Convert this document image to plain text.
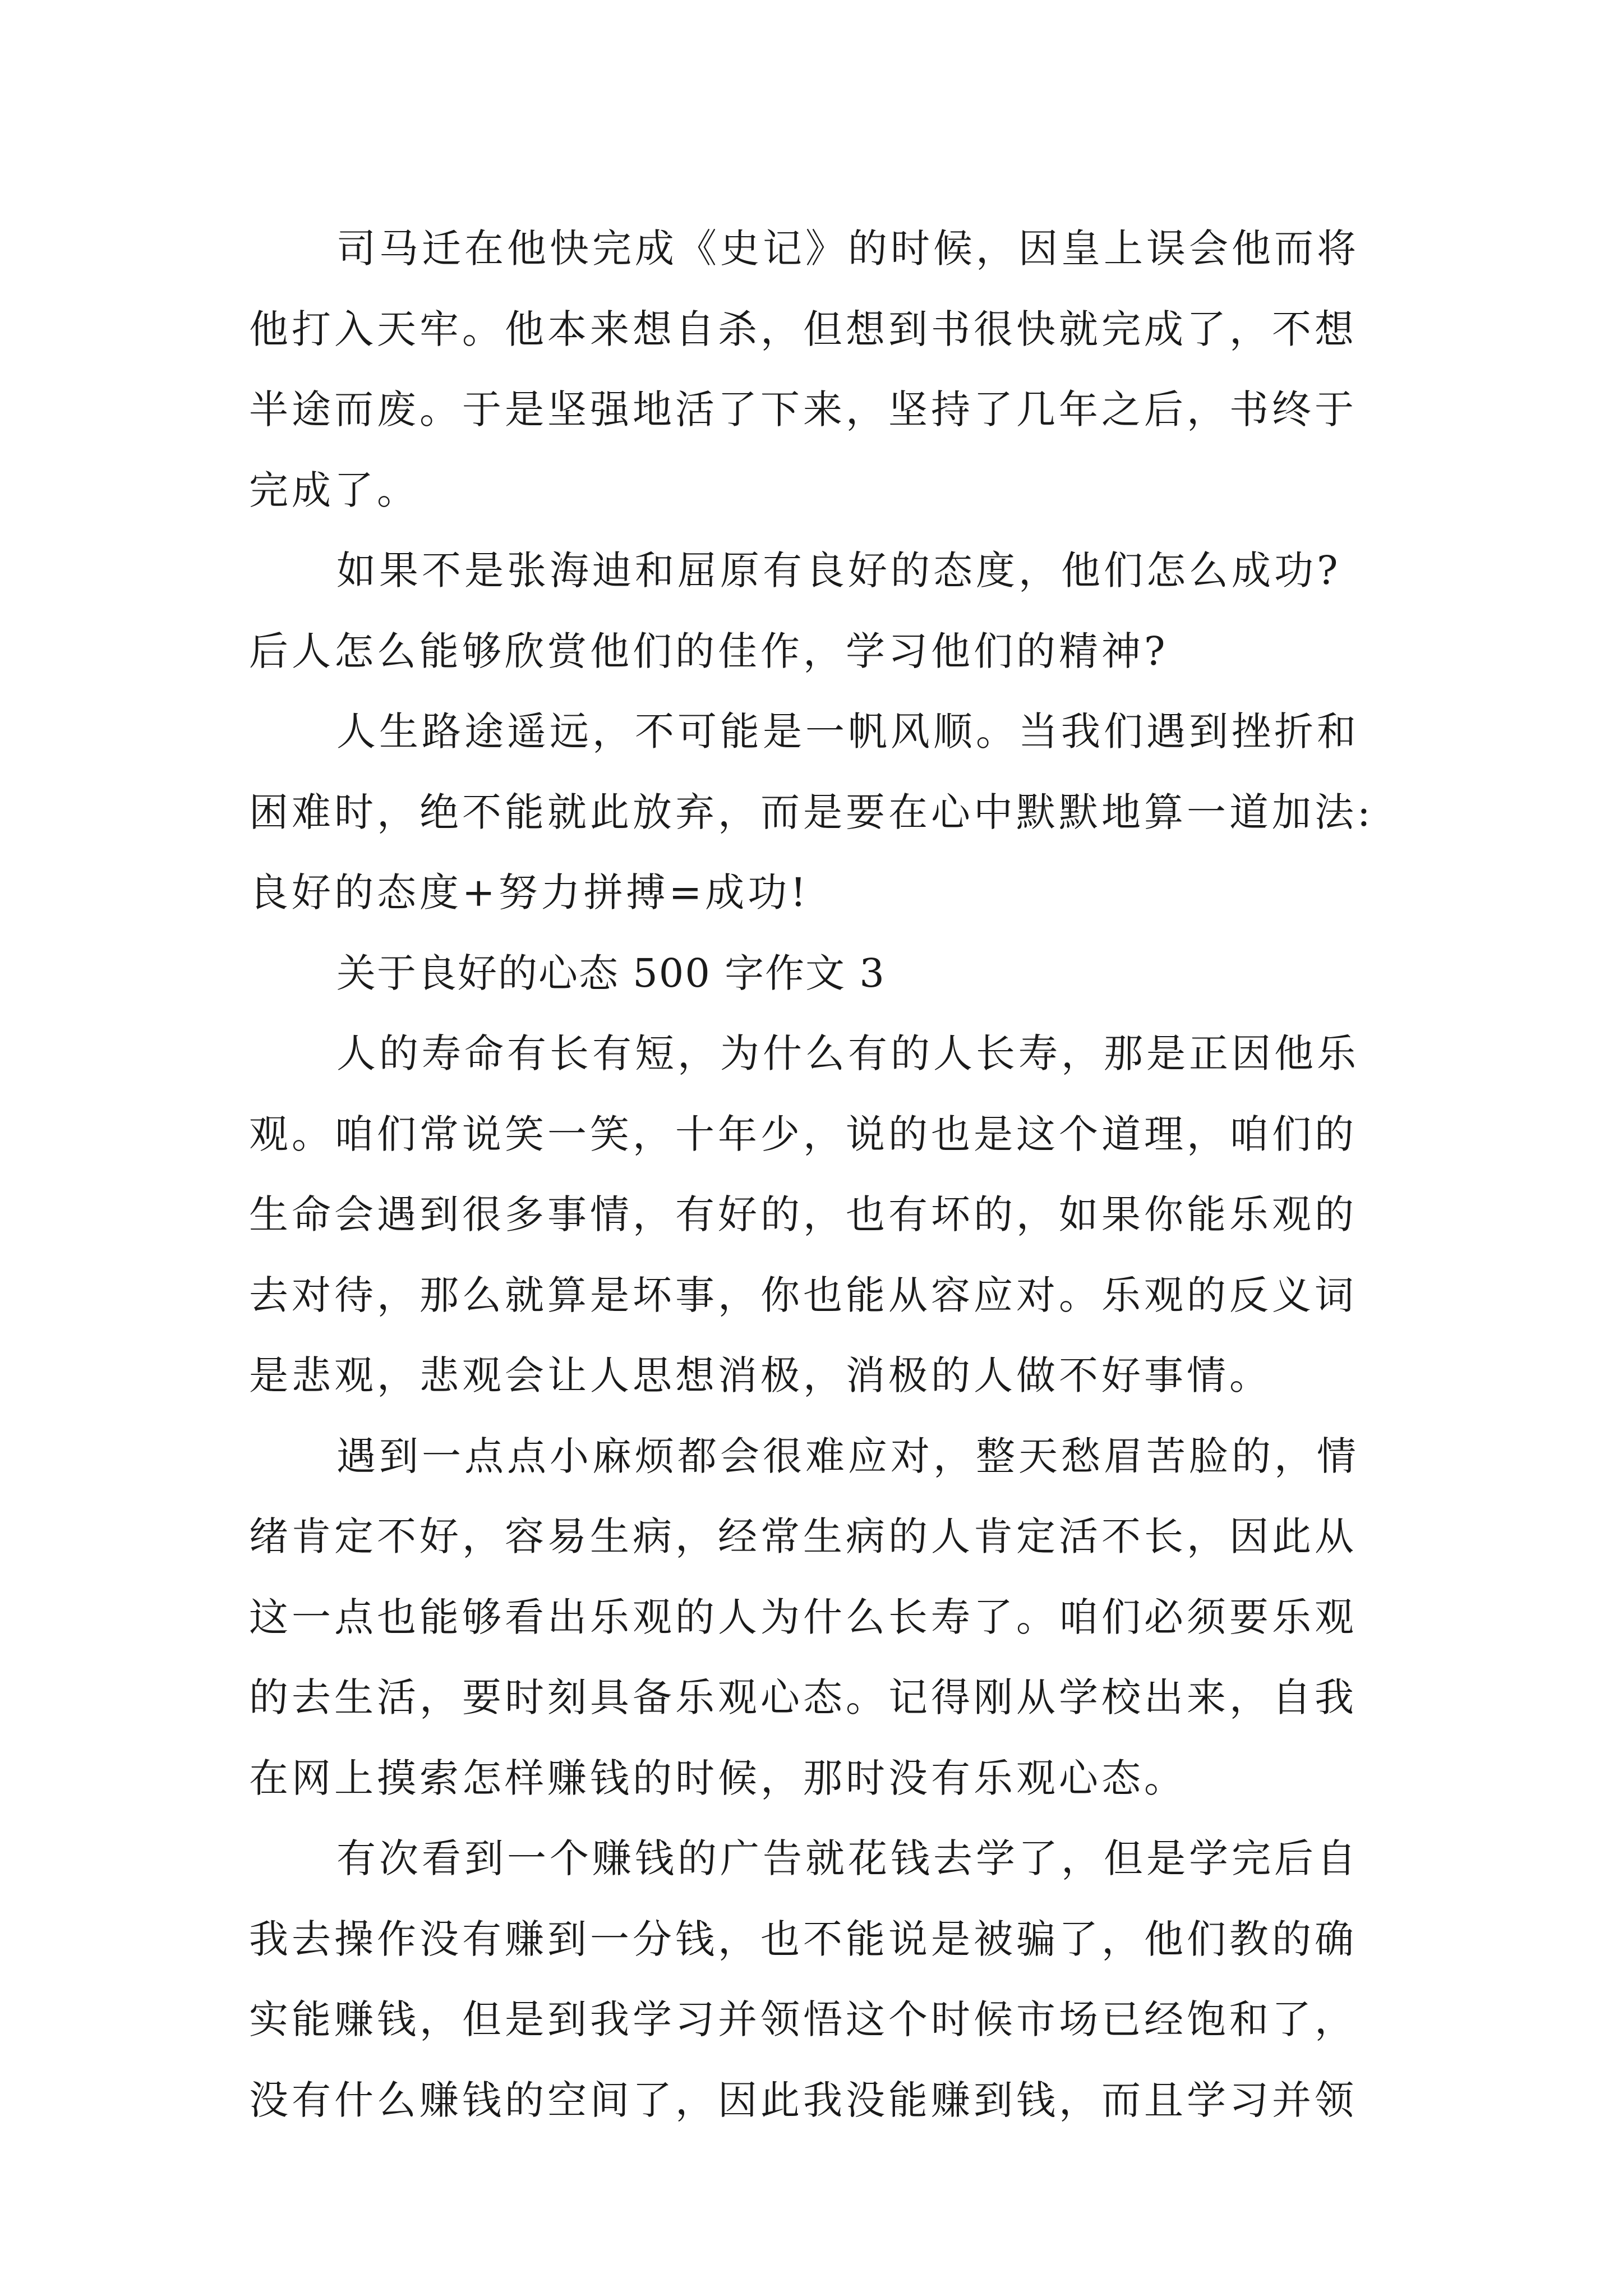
司马迁在他快完成《史记》的时候，因皇上误会他而将
他打入天牢。他本来想自杀，但想到书很快就完成了，不想
半途而废。于是坚强地活了下来，坚持了几年之后，书终于
完成了。
如果不是张海迪和屈原有良好的态度，他们怎么成功?
后人怎么能够欣赏他们的佳作，学习他们的精神?
人生路途遥远，不可能是一帆风顺。当我们遇到挫折和
困难时，绝不能就此放弃，而是要在心中默默地算一道加法:
良好的态度+努力拼搏=成功!
关于良好的心态 500 字作文 3
人的寿命有长有短，为什么有的人长寿，那是正因他乐
观。咱们常说笑一笑，十年少，说的也是这个道理，咱们的
生命会遇到很多事情，有好的，也有坏的，如果你能乐观的
去对待，那么就算是坏事，你也能从容应对。乐观的反义词
是悲观，悲观会让人思想消极，消极的人做不好事情。
遇到一点点小麻烦都会很难应对，整天愁眉苦脸的，情
绪肯定不好，容易生病，经常生病的人肯定活不长，因此从
这一点也能够看出乐观的人为什么长寿了。咱们必须要乐观
的去生活，要时刻具备乐观心态。记得刚从学校出来，自我
在网上摸索怎样赚钱的时候，那时没有乐观心态。
有次看到一个赚钱的广告就花钱去学了，但是学完后自
我去操作没有赚到一分钱，也不能说是被骗了，他们教的确
实能赚钱，但是到我学习并领悟这个时候市场已经饱和了，
没有什么赚钱的空间了，因此我没能赚到钱，而且学习并领
